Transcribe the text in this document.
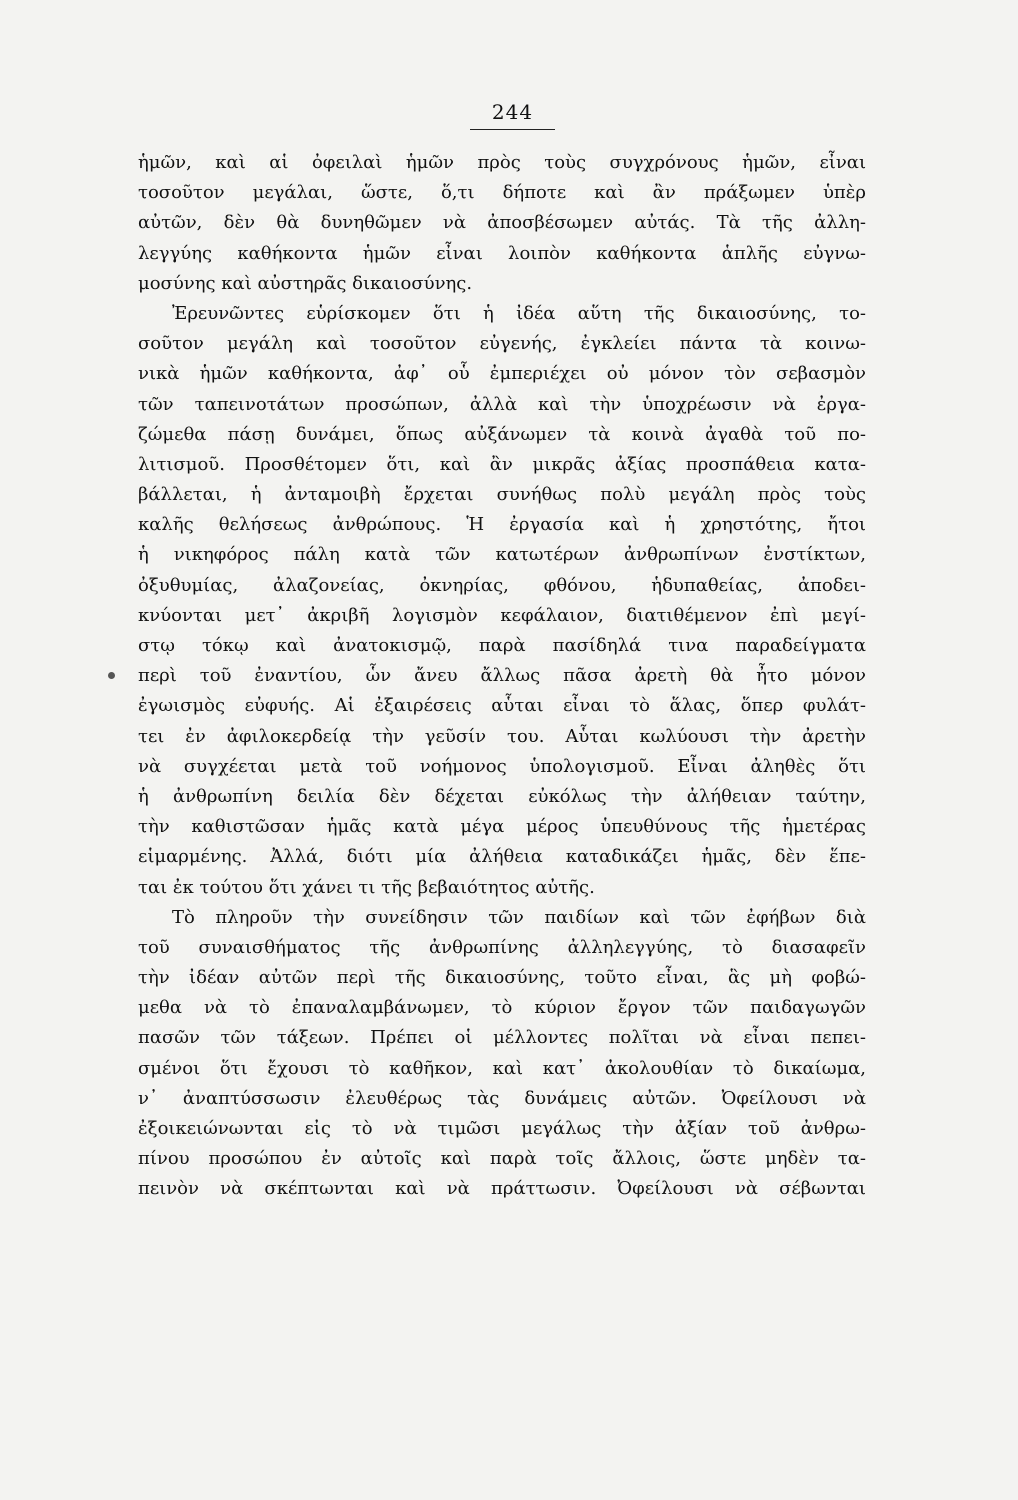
244
ἡμῶν, καὶ αἱ ὀφειλαὶ ἡμῶν πρὸς τοὺς συγχρόνους ἡμῶν, εἶναι
τοσοῦτον μεγάλαι, ὥστε, ὅ,τι δήποτε καὶ ἂν πράξωμεν ὑπὲρ
αὐτῶν, δὲν θὰ δυνηθῶμεν νὰ ἀποσβέσωμεν αὐτάς. Τὰ τῆς ἀλλη-
λεγγύης καθήκοντα ἡμῶν εἶναι λοιπὸν καθήκοντα ἁπλῆς εὐγνω-
μοσύνης καὶ αὐστηρᾶς δικαιοσύνης.
Ἐρευνῶντες εὑρίσκομεν ὅτι ἡ ἰδέα αὕτη τῆς δικαιοσύνης, το-
σοῦτον μεγάλη καὶ τοσοῦτον εὐγενής, ἐγκλείει πάντα τὰ κοινω-
νικὰ ἡμῶν καθήκοντα, ἀφ᾿ οὗ ἐμπεριέχει οὐ μόνον τὸν σεβασμὸν
τῶν ταπεινοτάτων προσώπων, ἀλλὰ καὶ τὴν ὑποχρέωσιν νὰ ἐργα-
ζώμεθα πάσῃ δυνάμει, ὅπως αὐξάνωμεν τὰ κοινὰ ἀγαθὰ τοῦ πο-
λιτισμοῦ. Προσθέτομεν ὅτι, καὶ ἂν μικρᾶς ἀξίας προσπάθεια κατα-
βάλλεται, ἡ ἀνταμοιβὴ ἔρχεται συνήθως πολὺ μεγάλη πρὸς τοὺς
καλῆς θελήσεως ἀνθρώπους. Ἡ ἐργασία καὶ ἡ χρηστότης, ἤτοι
ἡ νικηφόρος πάλη κατὰ τῶν κατωτέρων ἀνθρωπίνων ἐνστίκτων,
ὀξυθυμίας, ἀλαζονείας, ὀκνηρίας, φθόνου, ἡδυπαθείας, ἀποδει-
κνύονται μετ᾿ ἀκριβῆ λογισμὸν κεφάλαιον, διατιθέμενον ἐπὶ μεγί-
στῳ τόκῳ καὶ ἀνατοκισμῷ, παρὰ πασίδηλά τινα παραδείγματα
περὶ τοῦ ἐναντίου, ὧν ἄνευ ἄλλως πᾶσα ἀρετὴ θὰ ἦτο μόνον
ἐγωισμὸς εὐφυής. Αἱ ἐξαιρέσεις αὗται εἶναι τὸ ἅλας, ὅπερ φυλάτ-
τει ἐν ἀφιλοκερδείᾳ τὴν γεῦσίν του. Αὗται κωλύουσι τὴν ἀρετὴν
νὰ συγχέεται μετὰ τοῦ νοήμονος ὑπολογισμοῦ. Εἶναι ἀληθὲς ὅτι
ἡ ἀνθρωπίνη δειλία δὲν δέχεται εὐκόλως τὴν ἀλήθειαν ταύτην,
τὴν καθιστῶσαν ἡμᾶς κατὰ μέγα μέρος ὑπευθύνους τῆς ἡμετέρας
εἱμαρμένης. Ἀλλά, διότι μία ἀλήθεια καταδικάζει ἡμᾶς, δὲν ἕπε-
ται ἐκ τούτου ὅτι χάνει τι τῆς βεβαιότητος αὐτῆς.
Τὸ πληροῦν τὴν συνείδησιν τῶν παιδίων καὶ τῶν ἐφήβων διὰ
τοῦ συναισθήματος τῆς ἀνθρωπίνης ἀλληλεγγύης, τὸ διασαφεῖν
τὴν ἰδέαν αὐτῶν περὶ τῆς δικαιοσύνης, τοῦτο εἶναι, ἃς μὴ φοβώ-
μεθα νὰ τὸ ἐπαναλαμβάνωμεν, τὸ κύριον ἔργον τῶν παιδαγωγῶν
πασῶν τῶν τάξεων. Πρέπει οἱ μέλλοντες πολῖται νὰ εἶναι πεπει-
σμένοι ὅτι ἔχουσι τὸ καθῆκον, καὶ κατ᾿ ἀκολουθίαν τὸ δικαίωμα,
ν᾿ ἀναπτύσσωσιν ἐλευθέρως τὰς δυνάμεις αὐτῶν. Ὀφείλουσι νὰ
ἐξοικειώνωνται εἰς τὸ νὰ τιμῶσι μεγάλως τὴν ἀξίαν τοῦ ἀνθρω-
πίνου προσώπου ἐν αὐτοῖς καὶ παρὰ τοῖς ἄλλοις, ὥστε μηδὲν τα-
πεινὸν νὰ σκέπτωνται καὶ νὰ πράττωσιν. Ὀφείλουσι νὰ σέβωνται
